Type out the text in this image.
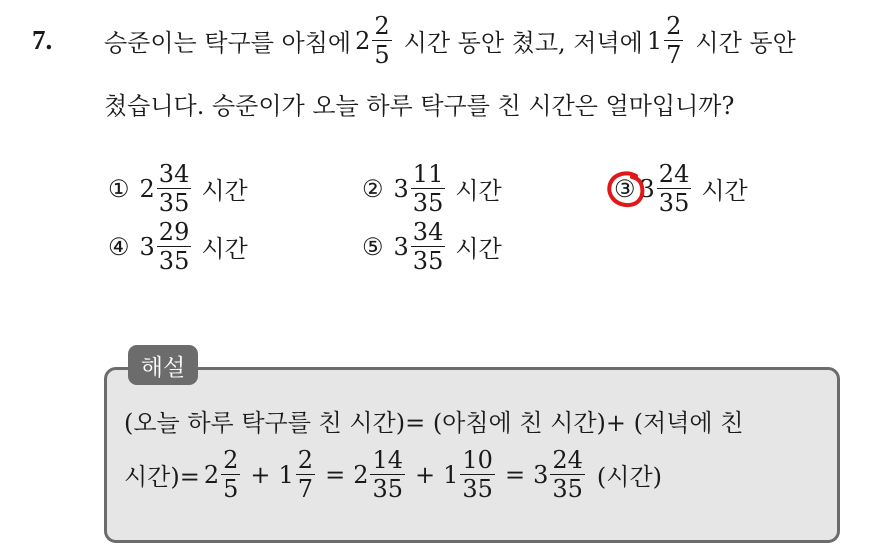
7. 승준이는 탁구를 아침에 $2 \frac{2}{5}$ 시간 동안 쳤고, 저녁에 $1 \frac{2}{7}$ 시간 동안
쳤습니다. 승준이가 오늘 하루 탁구를 친 시간은 얼마입니까?
① $2 \frac{34}{35}$ 시간	② $3 \frac{11}{35}$ 시간	③ $3 \frac{24}{35}$ 시간
④ $3 \frac{29}{35}$ 시간	⑤ $3 \frac{34}{35}$ 시간
해설
(오늘 하루 탁구를 친 시간)= (아침에 친 시간)+ (저녁에 친
시간)= $2 \frac{2}{5} + 1 \frac{2}{7} = 2 \frac{14}{35} + 1 \frac{10}{35} = 3 \frac{24}{35}$ (시간)
